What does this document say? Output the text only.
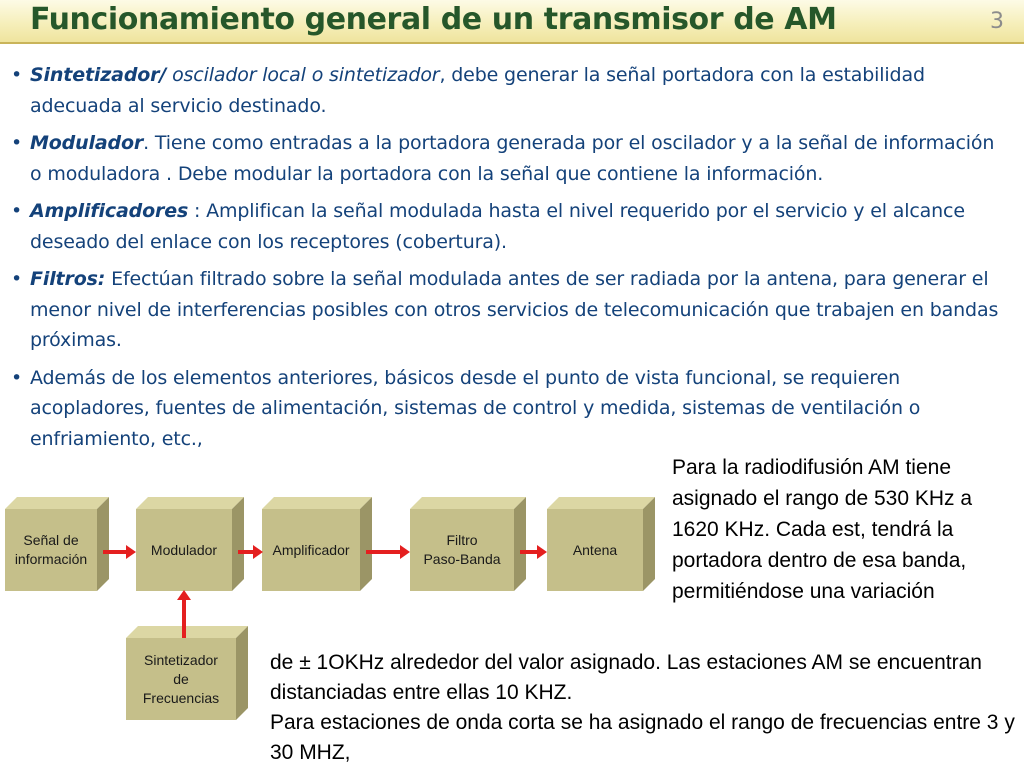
Funcionamiento general de un transmisor de AM	3
• Sintetizador/ oscilador local o sintetizador, debe generar la señal portadora con la estabilidad adecuada al servicio destinado.
• Modulador. Tiene como entradas a la portadora generada por el oscilador y a la señal de información o moduladora . Debe modular la portadora con la señal que contiene la información.
• Amplificadores : Amplifican la señal modulada hasta el nivel requerido por el servicio y el alcance deseado del enlace con los receptores (cobertura).
• Filtros: Efectúan filtrado sobre la señal modulada antes de ser radiada por la antena, para generar el menor nivel de interferencias posibles con otros servicios de telecomunicación que trabajen en bandas próximas.
• Además de los elementos anteriores, básicos desde el punto de vista funcional, se requieren acopladores, fuentes de alimentación, sistemas de control y medida, sistemas de ventilación o enfriamiento, etc.,
Señal de
información
Modulador	Amplificador
Filtro
Paso-Banda
Antena
Sintetizador
de
Frecuencias
Para la radiodifusión AM tiene asignado el rango de 530 KHz a 1620 KHz. Cada est, tendrá la portadora dentro de esa banda, permitiéndose una variación
de ± 1OKHz alrededor del valor asignado. Las estaciones AM se encuentran distanciadas entre ellas 10 KHZ.
Para estaciones de onda corta se ha asignado el rango de frecuencias entre 3 y 30 MHZ,
